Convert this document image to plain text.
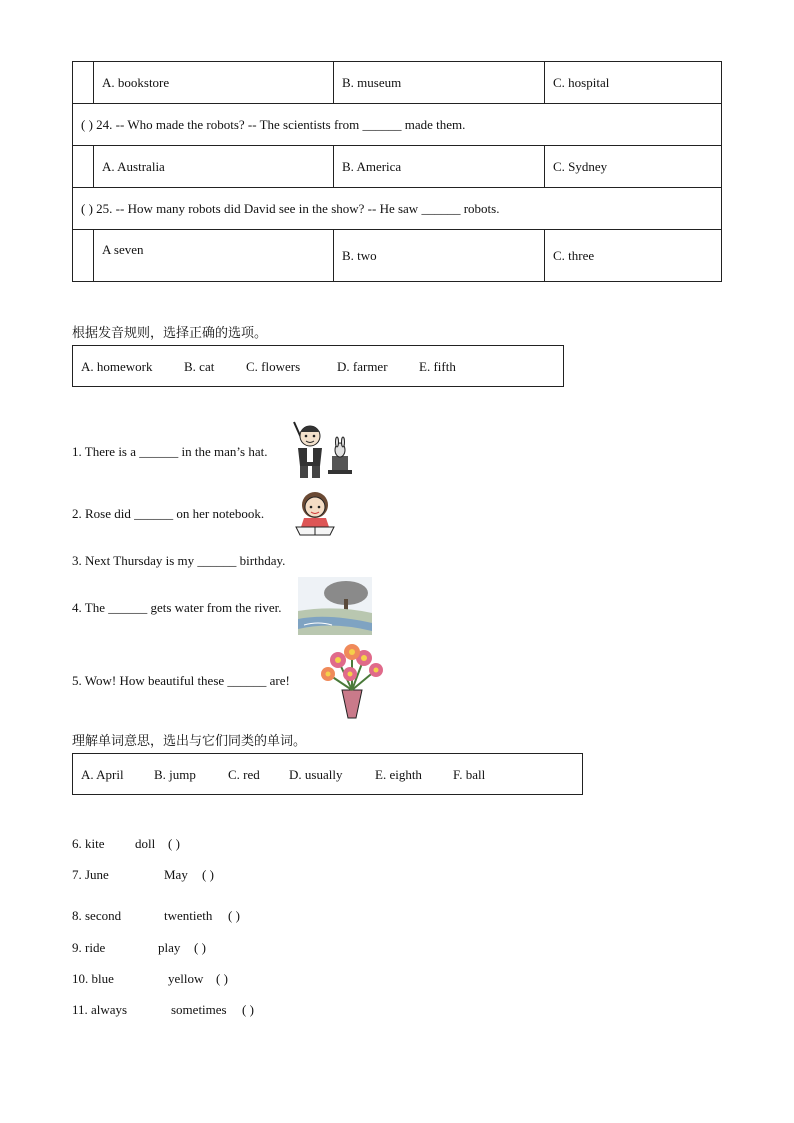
	A. bookstore	B. museum	C. hospital
( ) 24. -- Who made the robots? -- The scientists from ______ made them.			
	A. Australia	B. America	C. Sydney
( ) 25. -- How many robots did David see in the show? -- He saw ______ robots.			
	A seven	B. two	C. three
根据发音规则，选择正确的选项。
A. homework B. cat C. flowers	D. farmer E. fifth
1. There is a ______ in the man’s hat.
2. Rose did ______ on her notebook.
3. Next Thursday is my ______ birthday.
4. The ______ gets water from the river.
5. Wow! How beautiful these ______ are!
理解单词意思，选出与它们同类的单词。
A. April B. jump C. red D. usually	E. eighth F. ball
6. kite doll ( )
7. June	May ( )
8. second	twentieth ( )
9. ride	play ( )
10. blue	yellow ( )
11. always	sometimes ( )
